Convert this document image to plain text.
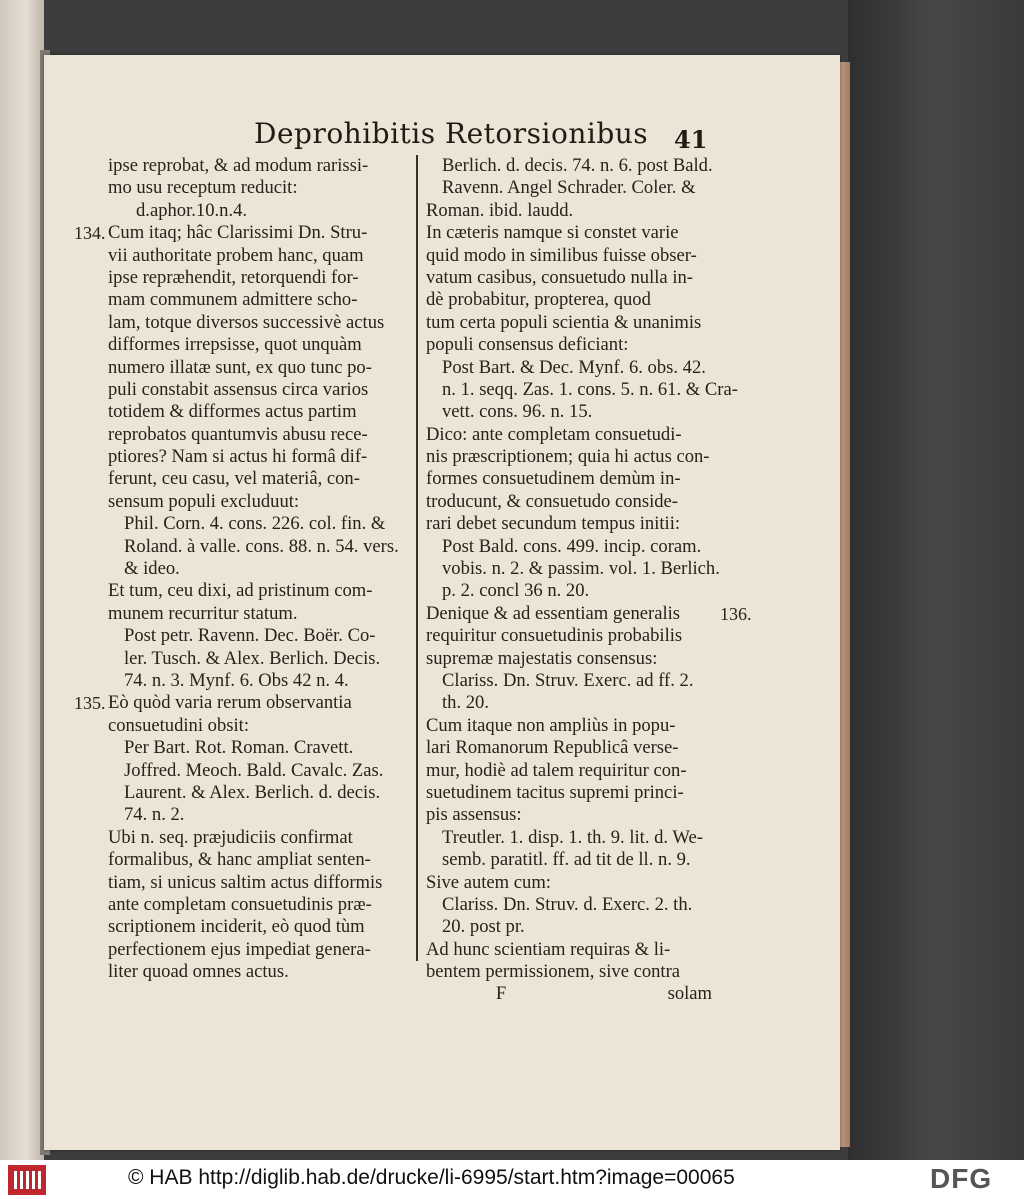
Deprohibitis Retorsionibus 41
ipse reprobat, & ad modum rarissi-
mo usu receptum reducit:
d.aphor.10.n.4.
Cum itaq; hâc Clarissimi Dn. Stru-
134.
vii authoritate probem hanc, quam
ipse repræhendit, retorquendi for-
mam communem admittere scho-
lam, totque diversos successivè actus
difformes irrepsisse, quot unquàm
numero illatæ sunt, ex quo tunc po-
puli constabit assensus circa varios
totidem & difformes actus partim
reprobatos quantumvis abusu rece-
ptiores? Nam si actus hi formâ dif-
ferunt, ceu casu, vel materiâ, con-
sensum populi excluduut:
Phil. Corn. 4. cons. 226. col. fin. &
Roland. à valle. cons. 88. n. 54. vers.
& ideo.
Et tum, ceu dixi, ad pristinum com-
munem recurritur statum.
Post petr. Ravenn. Dec. Boër. Co-
ler. Tusch. & Alex. Berlich. Decis.
74. n. 3. Mynf. 6. Obs 42 n. 4.
Eò quòd varia rerum observantia
135.
consuetudini obsit:
Per Bart. Rot. Roman. Cravett.
Joffred. Meoch. Bald. Cavalc. Zas.
Laurent. & Alex. Berlich. d. decis.
74. n. 2.
Ubi n. seq. præjudiciis confirmat
formalibus, & hanc ampliat senten-
tiam, si unicus saltim actus difformis
ante completam consuetudinis præ-
scriptionem inciderit, eò quod tùm
perfectionem ejus impediat genera-
liter quoad omnes actus.
Berlich. d. decis. 74. n. 6. post Bald.
Ravenn. Angel Schrader. Coler. &
Roman. ibid. laudd.
In cæteris namque si constet varie
quid modo in similibus fuisse obser-
vatum casibus, consuetudo nulla in-
dè probabitur, propterea, quod
tum certa populi scientia & unanimis
populi consensus deficiant:
Post Bart. & Dec. Mynf. 6. obs. 42.
n. 1. seqq. Zas. 1. cons. 5. n. 61. & Cra-
vett. cons. 96. n. 15.
Dico: ante completam consuetudi-
nis præscriptionem; quia hi actus con-
formes consuetudinem demùm in-
troducunt, & consuetudo conside-
rari debet secundum tempus initii:
Post Bald. cons. 499. incip. coram.
vobis. n. 2. & passim. vol. 1. Berlich.
p. 2. concl 36 n. 20.
Denique & ad essentiam generalis 136.
requiritur consuetudinis probabilis
supremæ majestatis consensus:
Clariss. Dn. Struv. Exerc. ad ff. 2.
th. 20.
Cum itaque non ampliùs in popu-
lari Romanorum Republicâ verse-
mur, hodiè ad talem requiritur con-
suetudinem tacitus supremi princi-
pis assensus:
Treutler. 1. disp. 1. th. 9. lit. d. We-
semb. paratitl. ff. ad tit de ll. n. 9.
Sive autem cum:
Clariss. Dn. Struv. d. Exerc. 2. th.
20. post pr.
Ad hunc scientiam requiras & li-
bentem permissionem, sive contra
F	solam
© HAB http://diglib.hab.de/drucke/li-6995/start.htm?image=00065	DFG
